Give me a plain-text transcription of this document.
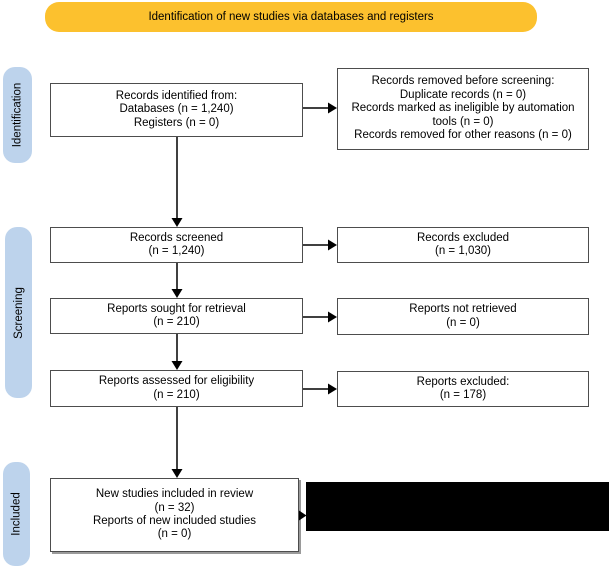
Identification of new studies via databases and registers
Identification
Screening
Included
Records identified from:
Databases (n = 1,240)
Registers (n = 0)
Records removed before screening:
Duplicate records (n = 0)
Records marked as ineligible by automation
tools (n = 0)
Records removed for other reasons (n = 0)
Records screened
(n = 1,240)
Records excluded
(n = 1,030)
Reports sought for retrieval
(n = 210)
Reports not retrieved
(n = 0)
Reports assessed for eligibility
(n = 210)
Reports excluded:
(n = 178)
New studies included in review
(n = 32)
Reports of new included studies
(n = 0)
